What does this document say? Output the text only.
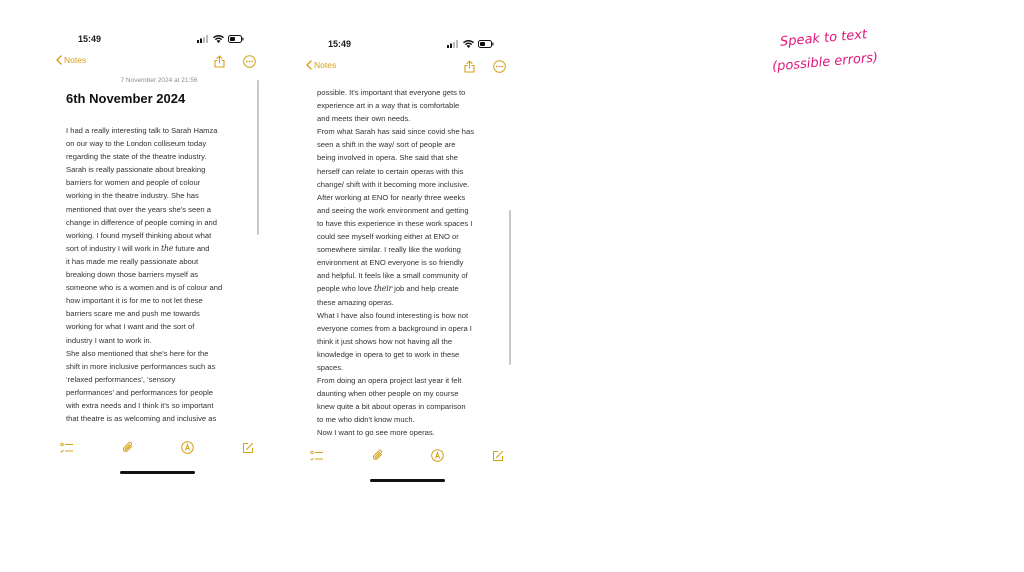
15:49
Notes
7 November 2024 at 21:56
6th November 2024
I had a really interesting talk to Sarah Hamza
on our way to the London colliseum today
regarding the state of the theatre industry.
Sarah is really passionate about breaking
barriers for women and people of colour
working in the theatre industry. She has
mentioned that over the years she's seen a
change in difference of people coming in and
working. I found myself thinking about what
sort of industry I will work in the future and
it has made me really passionate about
breaking down those barriers myself as
someone who is a women and is of colour and
how important it is for me to not let these
barriers scare me and push me towards
working for what I want and the sort of
industry I want to work in.
She also mentioned that she's here for the
shift in more inclusive performances such as
‘relaxed performances’, ‘sensory
performances’ and performances for people
with extra needs and I think it's so important
that theatre is as welcoming and inclusive as
15:49
Notes
possible. It's important that everyone gets to
experience art in a way that is comfortable
and meets their own needs.
From what Sarah has said since covid she has
seen a shift in the way/ sort of people are
being involved in opera. She said that she
herself can relate to certain operas with this
change/ shift with it becoming more inclusive.
After working at ENO for nearly three weeks
and seeing the work environment and getting
to have this experience in these work spaces I
could see myself working either at ENO or
somewhere similar. I really like the working
environment at ENO everyone is so friendly
and helpful. It feels like a small community of
people who love their job and help create
these amazing operas.
What I have also found interesting is how not
everyone comes from a background in opera I
think it just shows how not having all the
knowledge in opera to get to work in these
spaces.
From doing an opera project last year it felt
daunting when other people on my course
knew quite a bit about operas in comparison
to me who didn't know much.
Now I want to go see more operas.
Speak to text
(possible errors)
